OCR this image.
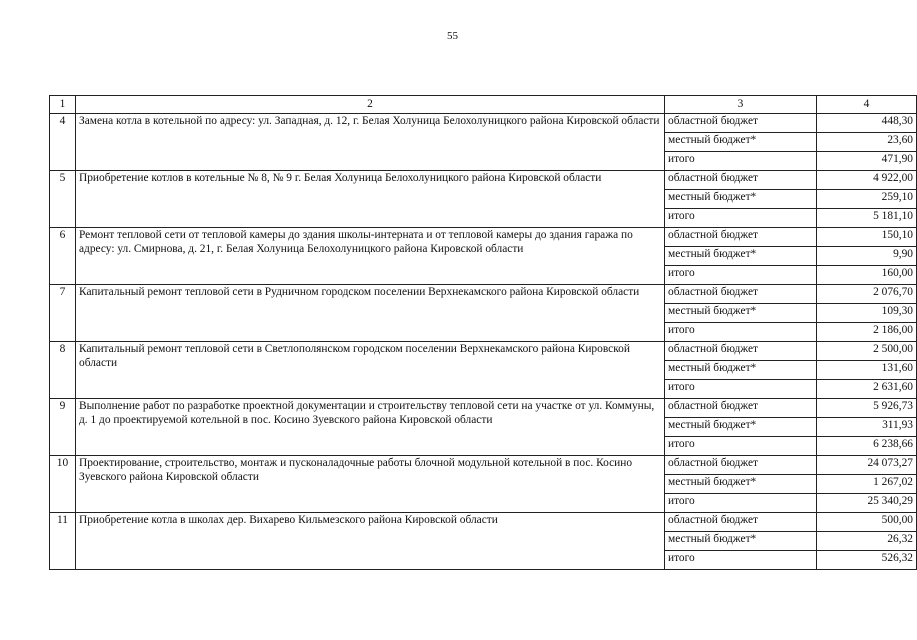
55
1	2	3	4
4	Замена котла в котельной по адресу: ул. Западная, д. 12, г. Белая Холуница Белохолуницкого района Кировской области	областной бюджет	448,30
		местный бюджет*	23,60
		итого	471,90
5	Приобретение котлов в котельные № 8, № 9 г. Белая Холуница Белохолуницкого района Кировской области	областной бюджет	4 922,00
		местный бюджет*	259,10
		итого	5 181,10
6	Ремонт тепловой сети от тепловой камеры до здания школы-интерната и от тепловой камеры до здания гаража по адресу: ул. Смирнова, д. 21, г. Белая Холуница Белохолуницкого района Кировской области	областной бюджет	150,10
		местный бюджет*	9,90
		итого	160,00
7	Капитальный ремонт тепловой сети в Рудничном городском поселении Верхнекамского района Кировской области	областной бюджет	2 076,70
		местный бюджет*	109,30
		итого	2 186,00
8	Капитальный ремонт тепловой сети в Светлополянском городском поселении Верхнекамского района Кировской области	областной бюджет	2 500,00
		местный бюджет*	131,60
		итого	2 631,60
9	Выполнение работ по разработке проектной документации и строительству тепловой сети на участке от ул. Коммуны, д. 1 до проектируемой котельной в пос. Косино Зуевского района Кировской области	областной бюджет	5 926,73
		местный бюджет*	311,93
		итого	6 238,66
10	Проектирование, строительство, монтаж и пусконаладочные работы блочной модульной котельной в пос. Косино Зуевского района Кировской области	областной бюджет	24 073,27
		местный бюджет*	1 267,02
		итого	25 340,29
11	Приобретение котла в школах дер. Вихарево Кильмезского района Кировской области	областной бюджет	500,00
		местный бюджет*	26,32
		итого	526,32
